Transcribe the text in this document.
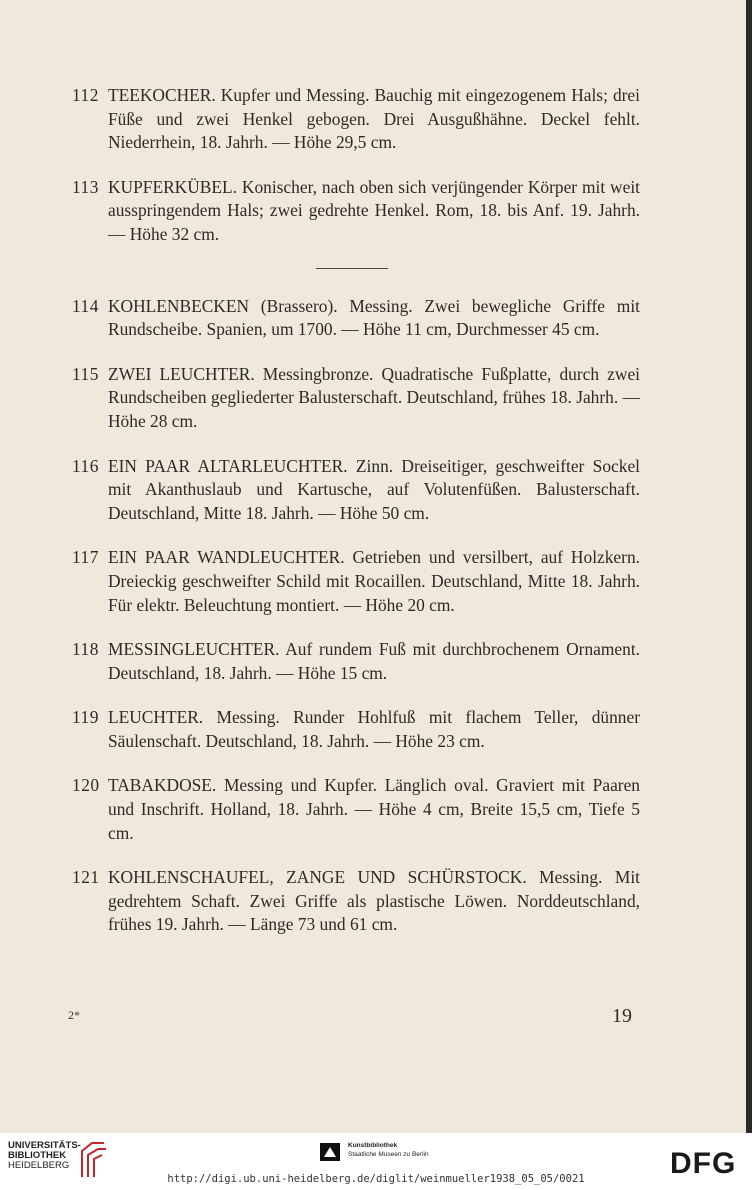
112 TEEKOCHER. Kupfer und Messing. Bauchig mit eingezogenem Hals; drei Füße und zwei Henkel gebogen. Drei Ausgußhähne. Deckel fehlt. Niederrhein, 18. Jahrh. — Höhe 29,5 cm.
113 KUPFERKÜBEL. Konischer, nach oben sich verjüngender Körper mit weit ausspringendem Hals; zwei gedrehte Henkel. Rom, 18. bis Anf. 19. Jahrh. — Höhe 32 cm.
114 KOHLENBECKEN (Brassero). Messing. Zwei bewegliche Griffe mit Rundscheibe. Spanien, um 1700. — Höhe 11 cm, Durchmesser 45 cm.
115 ZWEI LEUCHTER. Messingbronze. Quadratische Fußplatte, durch zwei Rundscheiben gegliederter Balusterschaft. Deutschland, frühes 18. Jahrh. — Höhe 28 cm.
116 EIN PAAR ALTARLEUCHTER. Zinn. Dreiseitiger, geschweifter Sockel mit Akanthuslaub und Kartusche, auf Volutenfüßen. Balusterschaft. Deutschland, Mitte 18. Jahrh. — Höhe 50 cm.
117 EIN PAAR WANDLEUCHTER. Getrieben und versilbert, auf Holzkern. Dreieckig geschweifter Schild mit Rocaillen. Deutschland, Mitte 18. Jahrh. Für elektr. Beleuchtung montiert. — Höhe 20 cm.
118 MESSINGLEUCHTER. Auf rundem Fuß mit durchbrochenem Ornament. Deutschland, 18. Jahrh. — Höhe 15 cm.
119 LEUCHTER. Messing. Runder Hohlfuß mit flachem Teller, dünner Säulenschaft. Deutschland, 18. Jahrh. — Höhe 23 cm.
120 TABAKDOSE. Messing und Kupfer. Länglich oval. Graviert mit Paaren und Inschrift. Holland, 18. Jahrh. — Höhe 4 cm, Breite 15,5 cm, Tiefe 5 cm.
121 KOHLENSCHAUFEL, ZANGE UND SCHÜRSTOCK. Messing. Mit gedrehtem Schaft. Zwei Griffe als plastische Löwen. Norddeutschland, frühes 19. Jahrh. — Länge 73 und 61 cm.
2*	19
UNIVERSITÄTS-
BIBLIOTHEK
HEIDELBERG
Kunstbibliothek
Staatliche Museen zu Berlin	DFG
http://digi.ub.uni-heidelberg.de/diglit/weinmueller1938_05_05/0021
